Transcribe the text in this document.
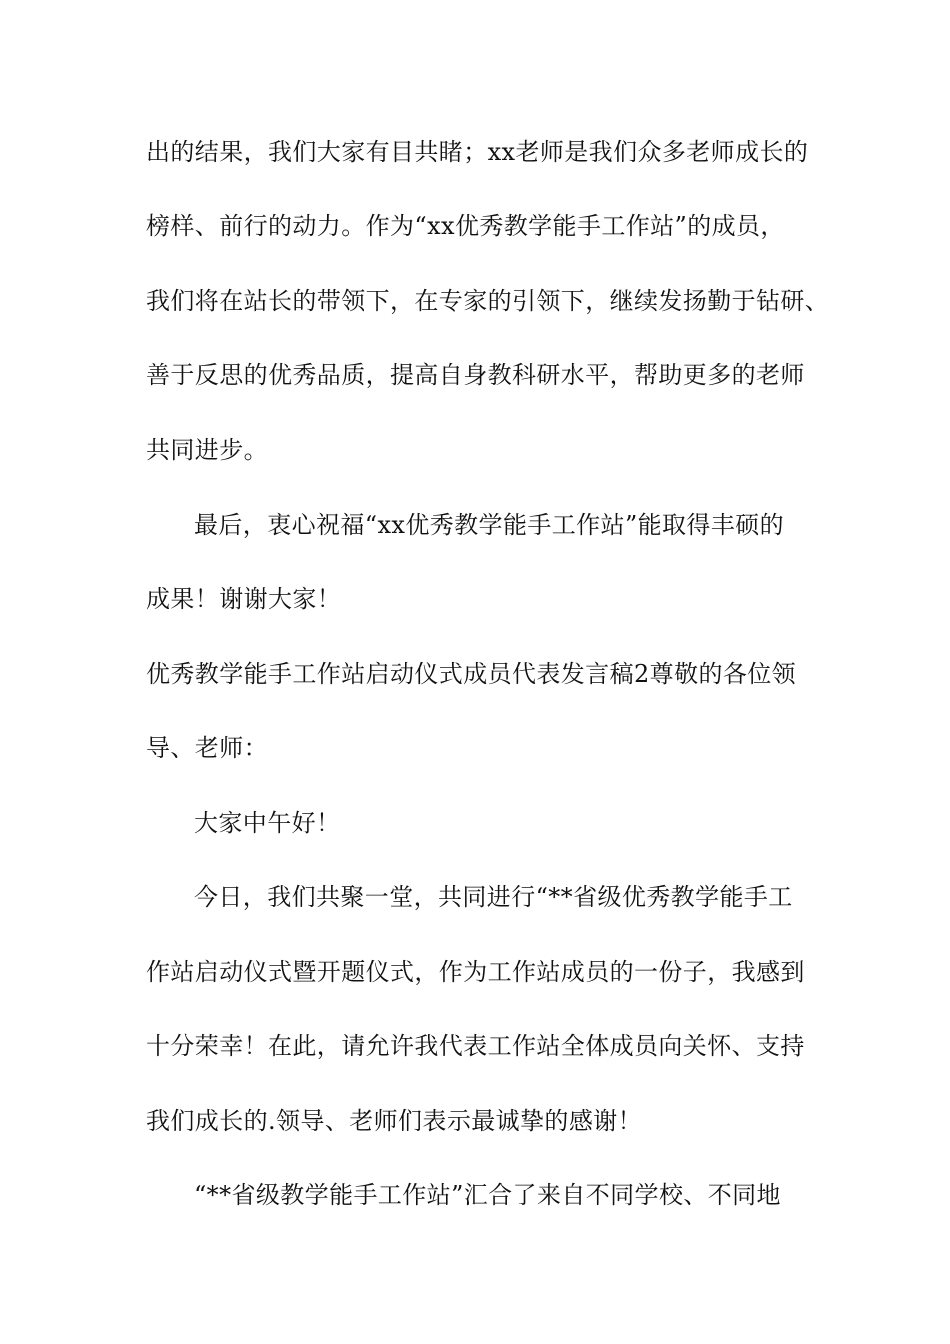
出的结果，我们大家有目共睹；xx老师是我们众多老师成长的
榜样、前行的动力。作为“xx优秀教学能手工作站”的成员，
我们将在站长的带领下，在专家的引领下，继续发扬勤于钻研、
善于反思的优秀品质，提高自身教科研水平，帮助更多的老师
共同进步。
最后，衷心祝福“xx优秀教学能手工作站”能取得丰硕的
成果！谢谢大家！
优秀教学能手工作站启动仪式成员代表发言稿2尊敬的各位领
导、老师：
大家中午好！
今日，我们共聚一堂，共同进行“**省级优秀教学能手工
作站启动仪式暨开题仪式，作为工作站成员的一份子，我感到
十分荣幸！在此，请允许我代表工作站全体成员向关怀、支持
我们成长的.领导、老师们表示最诚挚的感谢！
“**省级教学能手工作站”汇合了来自不同学校、不同地
